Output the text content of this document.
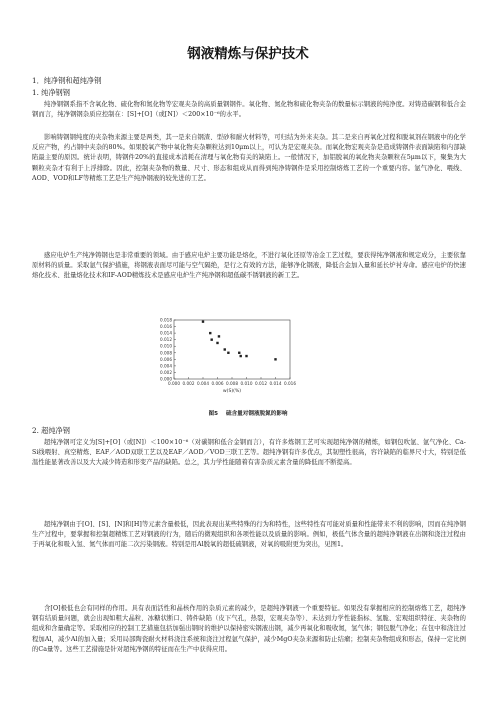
钢液精炼与保护技术
1．纯净钢和超纯净钢
1. 纯净钢钢

纯净钢钢系指不含氧化物、硫化物和氮化物等宏观夹杂的高质量钢钢件。氧化物、氮化物和硫化物夹杂的数量标示钢液的纯净度。对铸造碳钢和低合金钢而言，纯净钢钢杂质应控制在：[S]+[O]（或[N]）＜200×10⁻⁶的水平。

影响铸钢钢纯度的夹杂物来源主要是两类，其一是来自钢渣、型砂和耐火材料等，可归结为外来夹杂。其二是来自再氧化过程和脱氧剂在钢液中的化学反应产物，约占钢中夹杂的80%。如果脱氧产物中氧化物夹杂颗粒达到10μm以上，可认为是宏观夹杂。而氧化物宏观夹杂是造成铸钢件表面缺陷和内部缺陷最主要的原因。统计表明，铸钢件20%的直接成本消耗在清理与氧化物有关的缺陷上。一般情况下，加铝脱氧的氧化物夹杂颗粒在5μm以下，聚集为大颗粒夹杂才有利于上浮排除。因此，控制夹杂物的数量、尺寸、形态和组成从而得到纯净铸钢件是采用控制熔炼工艺的一个重要内容。氩气净化、喂线、AOD、VOD和LF等精炼工艺是生产纯净钢液的较先进的工艺。

感应电炉生产纯净铸钢也是非常重要的领域。由于感应电炉主要功能是熔化，不进行氧化还原等冶金工艺过程，要获得纯净钢液和规定成分，主要依靠原材料的质量。采取氩气保护措施，将钢液表面尽可能与空气隔绝，是行之有效的方法，能够净化钢液，降低合金加入量和延长炉衬寿命。感应电炉的快速熔化技术、批量熔化技术和IF-AOD精炼技术是感应电炉生产纯净钢和超低碳不锈钢液的新工艺。

0.000
0.002
0.004
0.006
0.008
0.010
0.012
0.014
0.016
0.018
0.000 0.002 0.004 0.006 0.008 0.010 0.012 0.014 0.016
w(S)(%)
图5 硫含量对钢液脱氮的影响
2. 超纯净钢

超纯净钢可定义为[S]+[O]（或[N]）＜100×10⁻⁶（对碳钢和低合金钢而言），有许多炼钢工艺可实现超纯净钢的精炼，如钢包吹氩、氩气净化、Ca-Si线喂射、真空精炼、EAF／AOD双联工艺以及EAF／AOD／VOD三联工艺等。超纯净钢有许多优点，其韧塑性很高，容许缺陷的临界尺寸大，特别是低温性能显著改善以及大大减少铸造和形变产品的缺陷。总之，其力学性能随着有害杂质元素含量的降低而不断提高。

超纯净钢由于[O]、[S]、[N]和[H]等元素含量极低，因此表现出某些特殊的行为和特性，这些特性有可能对质量和性能带来不利的影响，因而在纯净钢生产过程中，要掌握和控制超精炼工艺对钢液的行为，随后的微观组织和各项性能以及质量的影响。例如，极低气体含量的超纯净钢液在出钢和浇注过程由于再氧化和吸入氢、氮气体而可能二次污染钢液。特别是用Al脱氧的超低硫钢液，对氧的吸附更为突出，见图1。

含[O]极低也会有同样的作用。具有表面活性和晶核作用的杂质元素的减少，是超纯净钢液一个重要特征。如果没有掌握相应的控制熔炼工艺，超纯净钢有结质量问题，就会出现如粗大晶粒、冰糖状断口、铸件缺陷（皮下气孔，热裂，宏观夹杂等）、未达到力学性能指标、氢脆、宏观组织特征、夹杂物的组成和含量确定等。采取相应的控制工艺措施包括加强出钢时的维护以保持密实钢液出钢，减少再氧化和吸收氮，氢气体；钢包脱气净化；在包中和浇注过程加Al，减少Al的加入量；采用局部陶瓷耐火材料浇注系统和浇注过程氩气保护，减少MgO夹杂来源和防止结瘤；控制夹杂物组成和形态，保持一定比例的Ca量等。这些工艺措施是针对超纯净钢的特征而在生产中获得应用。
